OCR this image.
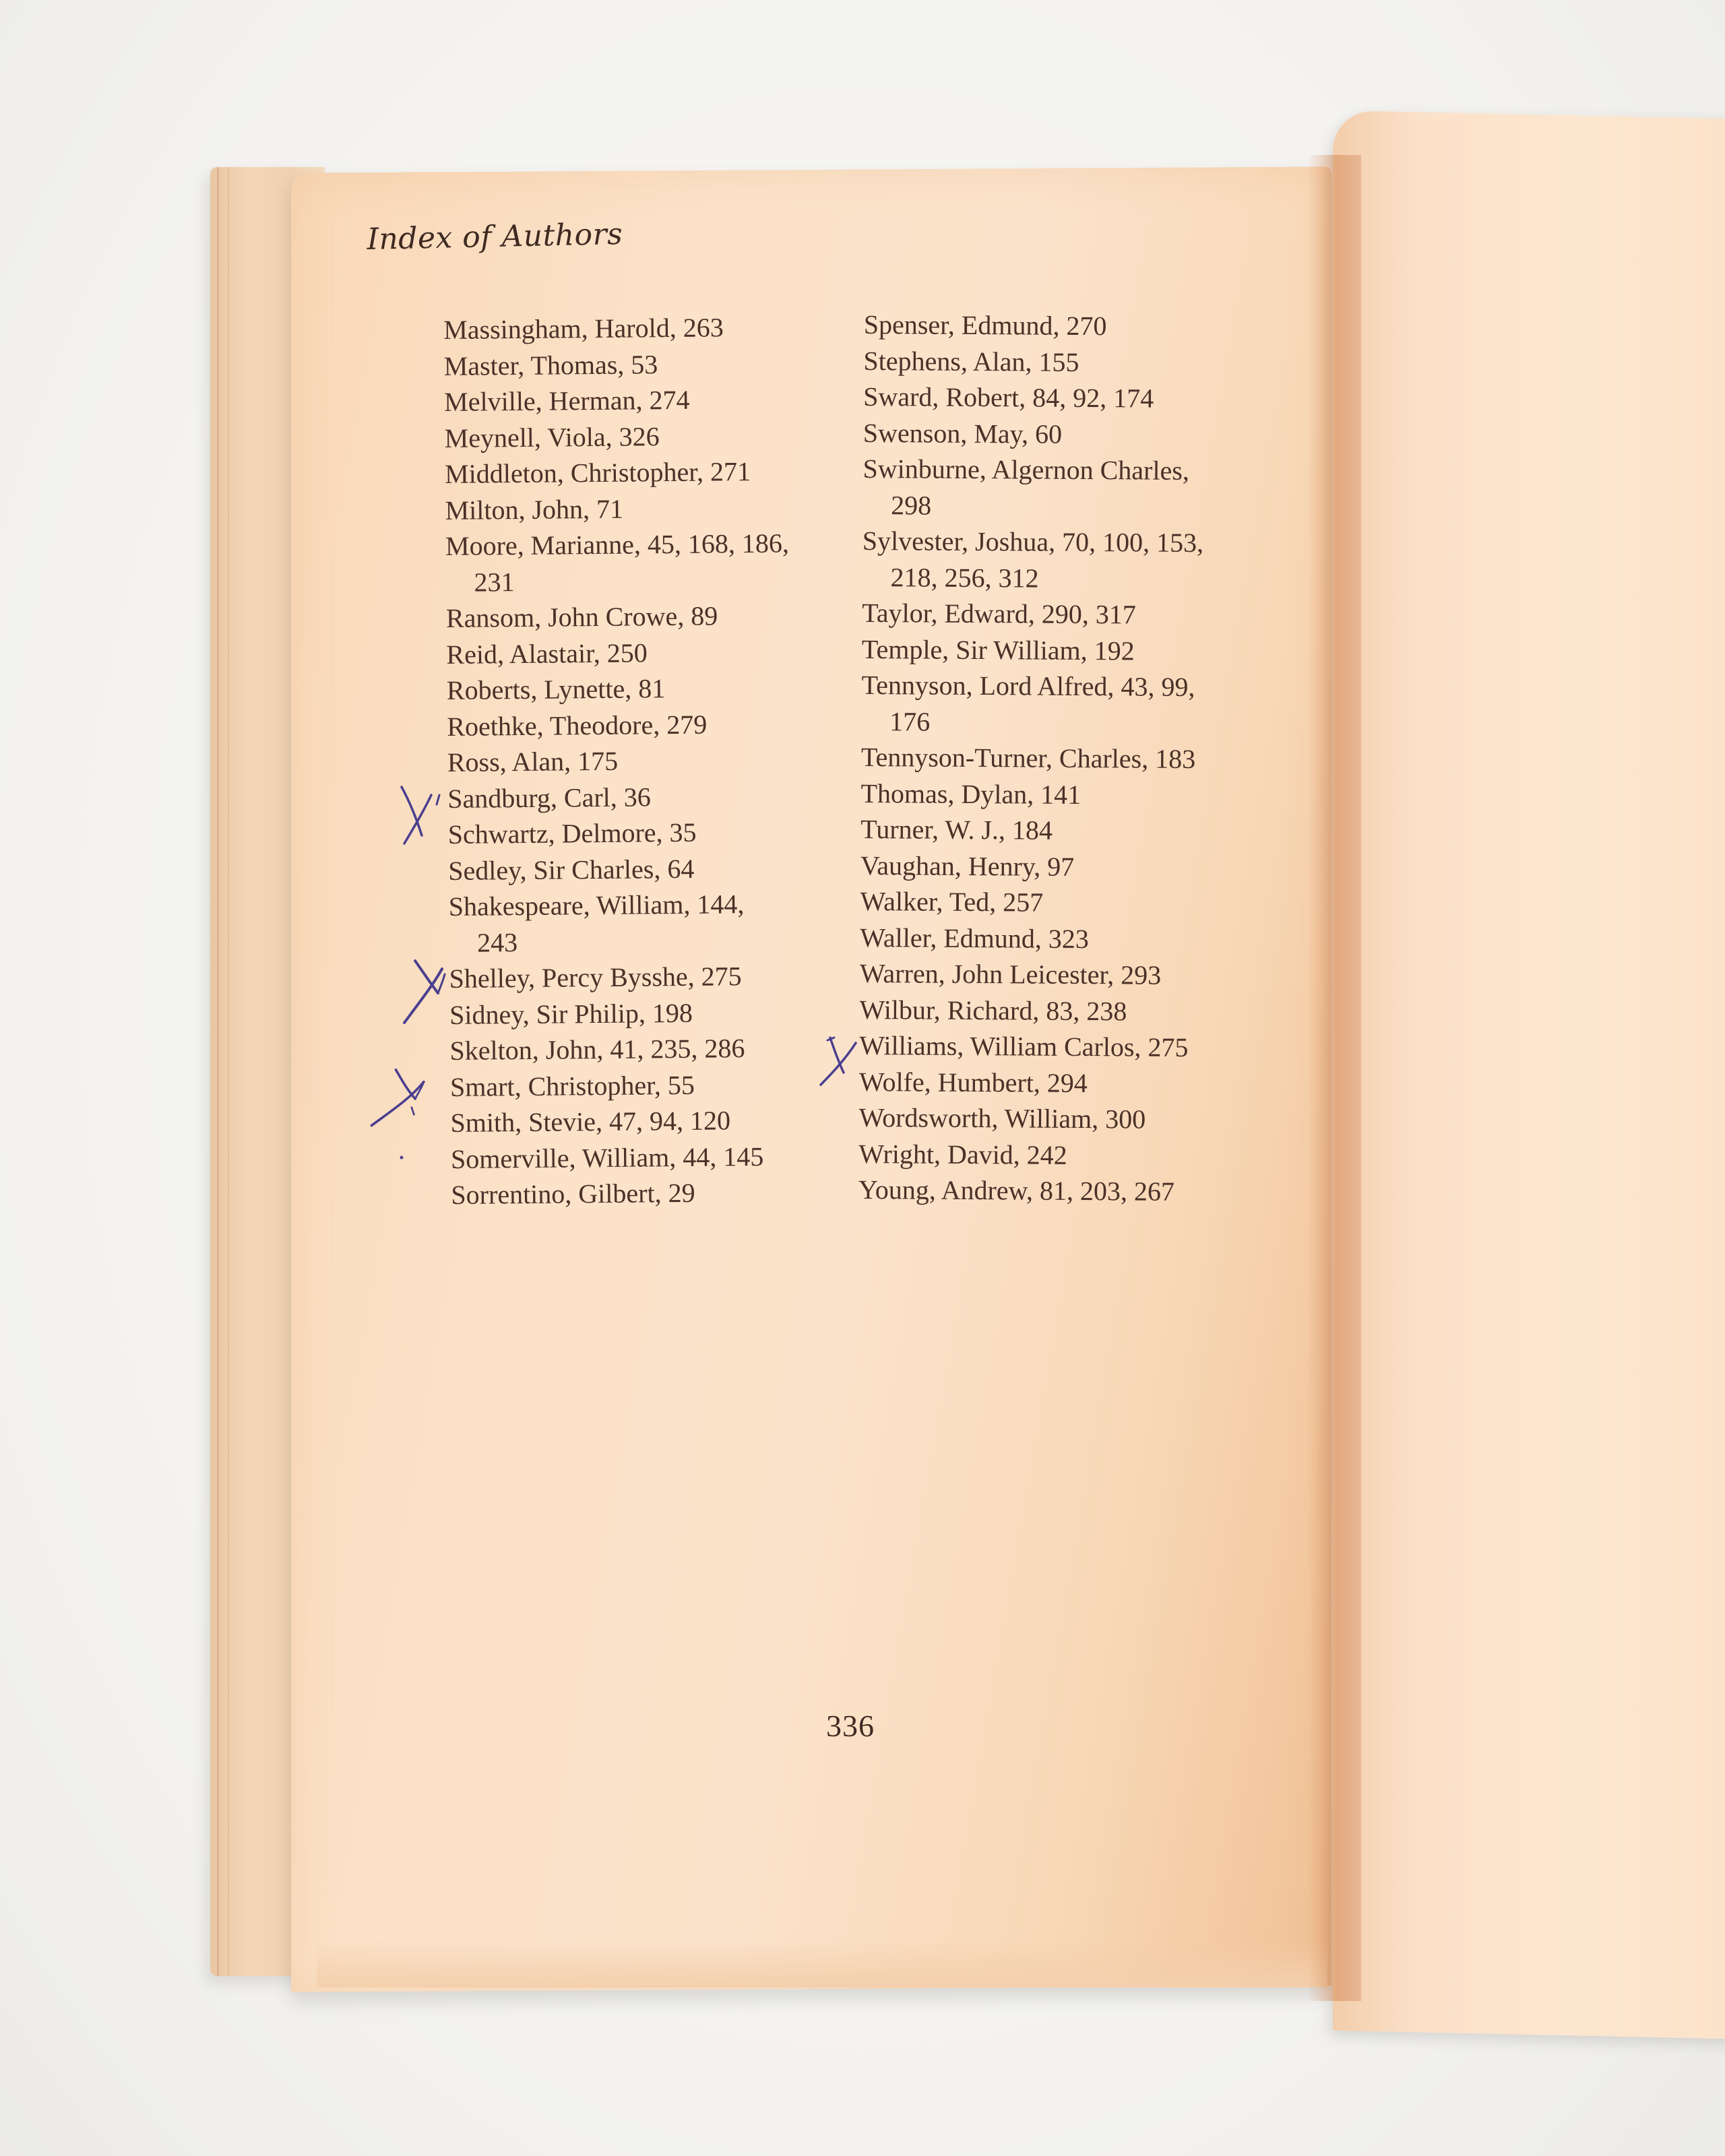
Index of Authors
Massingham, Harold, 263
Master, Thomas, 53
Melville, Herman, 274
Meynell, Viola, 326
Middleton, Christopher, 271
Milton, John, 71
Moore, Marianne, 45, 168, 186,
231
Ransom, John Crowe, 89
Reid, Alastair, 250
Roberts, Lynette, 81
Roethke, Theodore, 279
Ross, Alan, 175
Sandburg, Carl, 36
Schwartz, Delmore, 35
Sedley, Sir Charles, 64
Shakespeare, William, 144,
243
Shelley, Percy Bysshe, 275
Sidney, Sir Philip, 198
Skelton, John, 41, 235, 286
Smart, Christopher, 55
Smith, Stevie, 47, 94, 120
Somerville, William, 44, 145
Sorrentino, Gilbert, 29
Spenser, Edmund, 270
Stephens, Alan, 155
Sward, Robert, 84, 92, 174
Swenson, May, 60
Swinburne, Algernon Charles,
298
Sylvester, Joshua, 70, 100, 153,
218, 256, 312
Taylor, Edward, 290, 317
Temple, Sir William, 192
Tennyson, Lord Alfred, 43, 99,
176
Tennyson-Turner, Charles, 183
Thomas, Dylan, 141
Turner, W. J., 184
Vaughan, Henry, 97
Walker, Ted, 257
Waller, Edmund, 323
Warren, John Leicester, 293
Wilbur, Richard, 83, 238
Williams, William Carlos, 275
Wolfe, Humbert, 294
Wordsworth, William, 300
Wright, David, 242
Young, Andrew, 81, 203, 267
336
